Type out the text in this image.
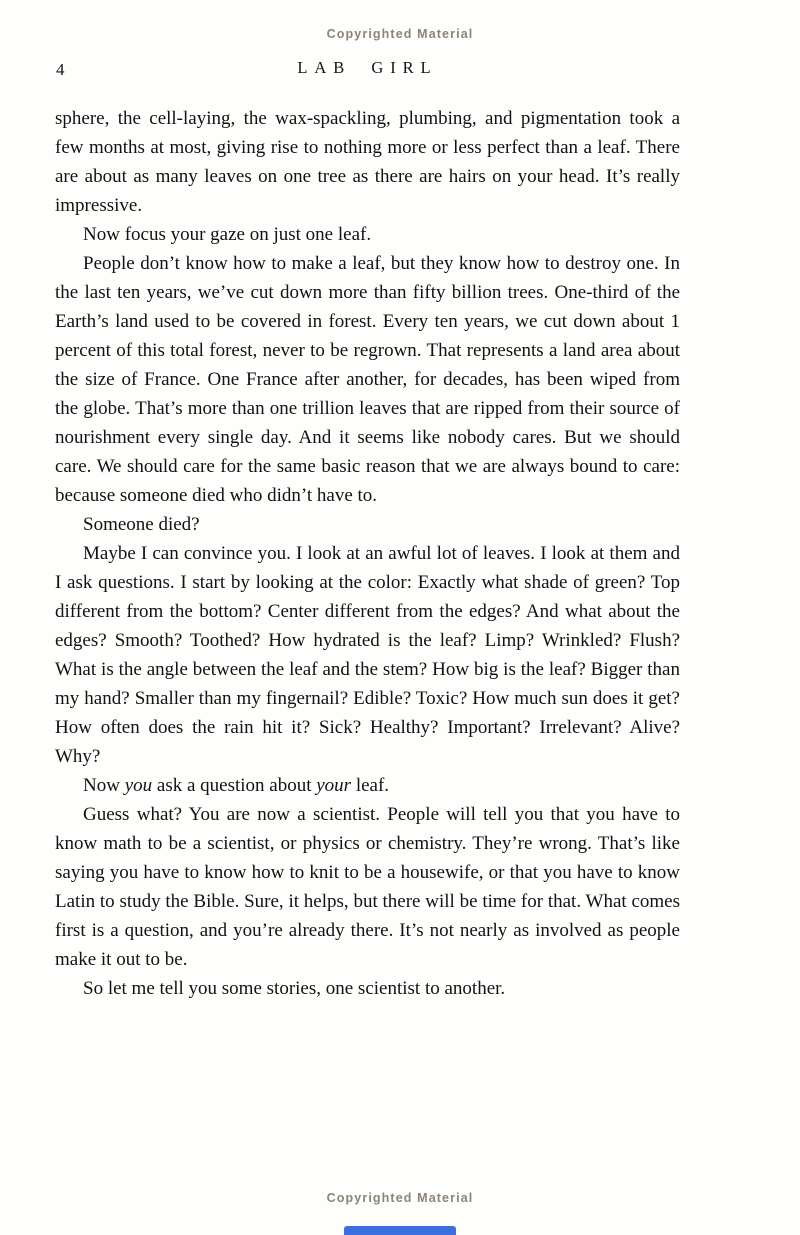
Copyrighted Material
4	LAB GIRL

sphere, the cell-laying, the wax-spackling, plumbing, and pigmentation took a few months at most, giving rise to nothing more or less perfect than a leaf. There are about as many leaves on one tree as there are hairs on your head. It’s really impressive.

Now focus your gaze on just one leaf.

People don’t know how to make a leaf, but they know how to destroy one. In the last ten years, we’ve cut down more than fifty billion trees. One-third of the Earth’s land used to be covered in forest. Every ten years, we cut down about 1 percent of this total forest, never to be regrown. That represents a land area about the size of France. One France after another, for decades, has been wiped from the globe. That’s more than one trillion leaves that are ripped from their source of nourishment every single day. And it seems like nobody cares. But we should care. We should care for the same basic reason that we are always bound to care: because someone died who didn’t have to.

Someone died?

Maybe I can convince you. I look at an awful lot of leaves. I look at them and I ask questions. I start by looking at the color: Exactly what shade of green? Top different from the bottom? Center different from the edges? And what about the edges? Smooth? Toothed? How hydrated is the leaf? Limp? Wrinkled? Flush? What is the angle between the leaf and the stem? How big is the leaf? Bigger than my hand? Smaller than my fingernail? Edible? Toxic? How much sun does it get? How often does the rain hit it? Sick? Healthy? Important? Irrelevant? Alive? Why?

Now you ask a question about your leaf.

Guess what? You are now a scientist. People will tell you that you have to know math to be a scientist, or physics or chemistry. They’re wrong. That’s like saying you have to know how to knit to be a housewife, or that you have to know Latin to study the Bible. Sure, it helps, but there will be time for that. What comes first is a question, and you’re already there. It’s not nearly as involved as people make it out to be.

So let me tell you some stories, one scientist to another.

Copyrighted Material
